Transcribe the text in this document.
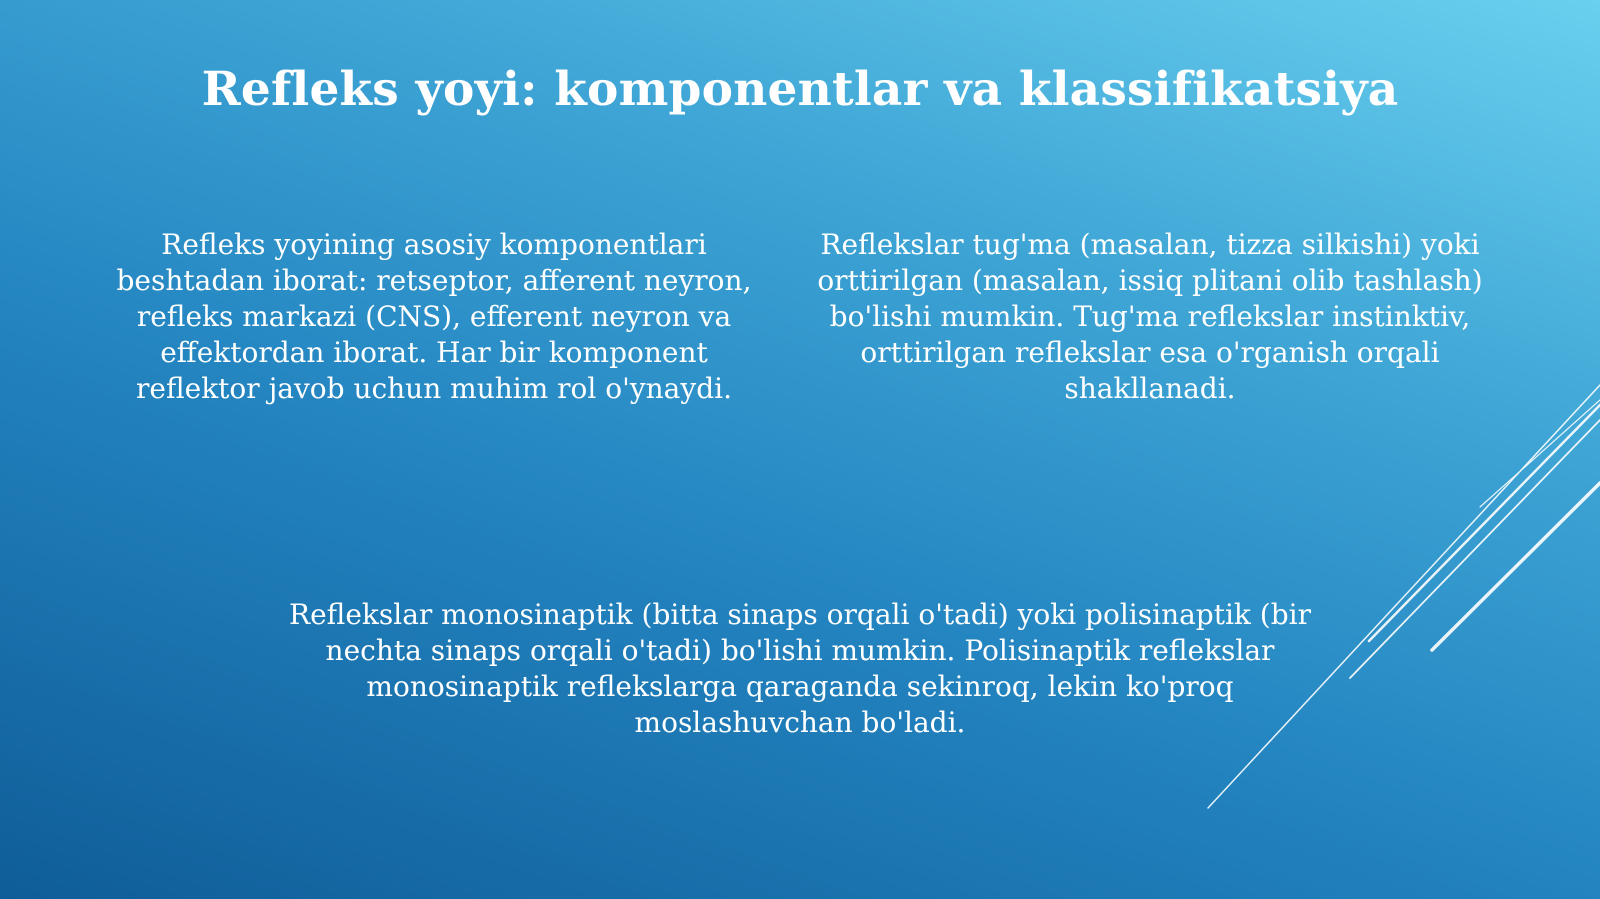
Refleks yoyi: komponentlar va klassifikatsiya
Refleks yoyining asosiy komponentlari beshtadan iborat: retseptor, afferent neyron, refleks markazi (CNS), efferent neyron va effektordan iborat. Har bir komponent reflektor javob uchun muhim rol o'ynaydi.
Reflekslar tug'ma (masalan, tizza silkishi) yoki orttirilgan (masalan, issiq plitani olib tashlash) bo'lishi mumkin. Tug'ma reflekslar instinktiv, orttirilgan reflekslar esa o'rganish orqali shakllanadi.
Reflekslar monosinaptik (bitta sinaps orqali o'tadi) yoki polisinaptik (bir nechta sinaps orqali o'tadi) bo'lishi mumkin. Polisinaptik reflekslar monosinaptik reflekslarga qaraganda sekinroq, lekin ko'proq moslashuvchan bo'ladi.
